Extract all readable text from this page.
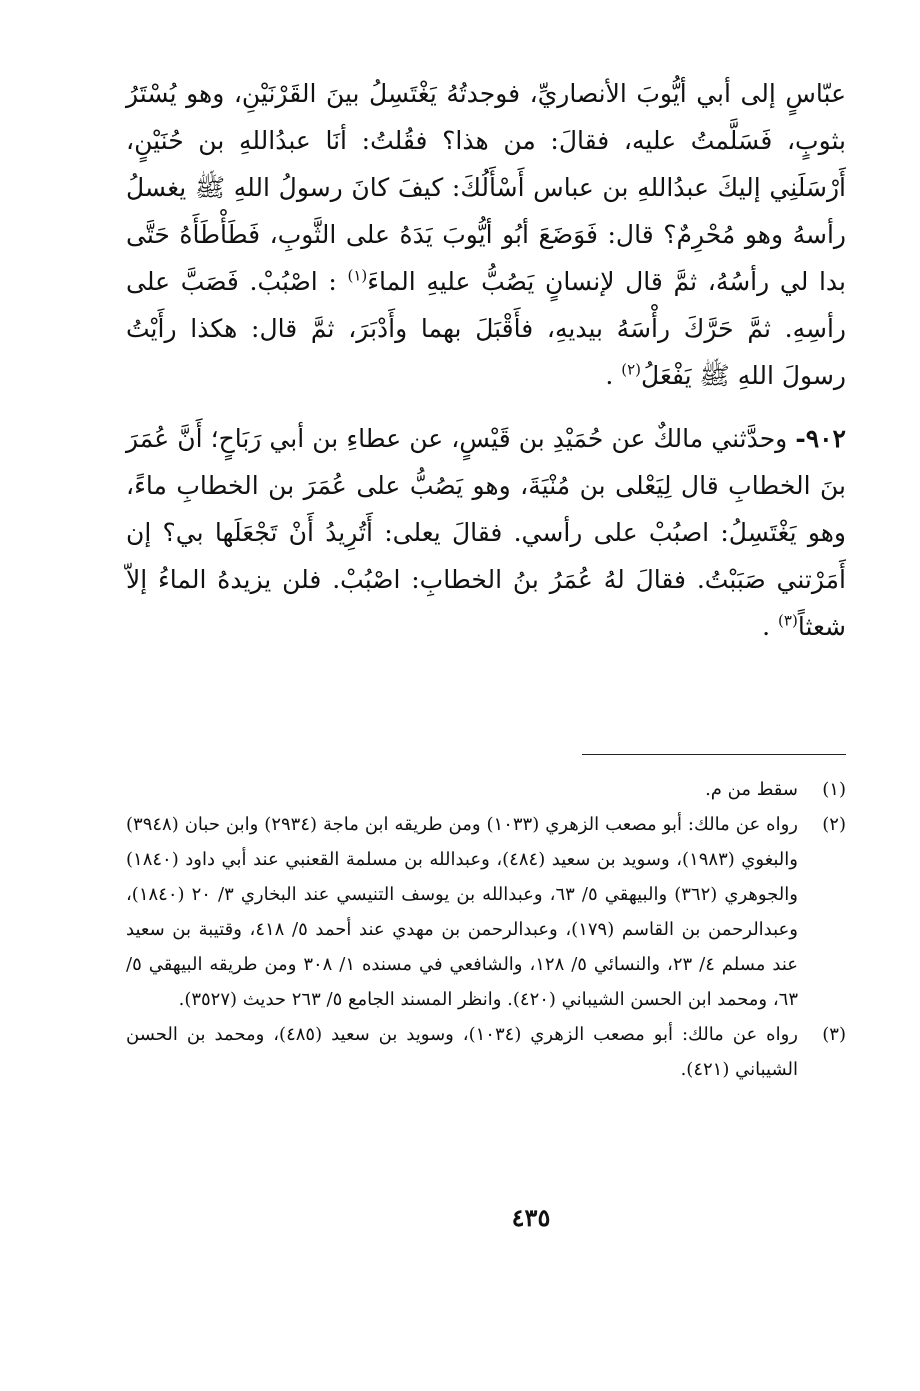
عبّاسٍ إلى أبي أيُّوبَ الأنصاريِّ، فوجدتُهُ يَغْتَسِلُ بينَ القَرْنَيْنِ، وهو يُسْتَرُ بثوبٍ، فَسَلَّمتُ عليه، فقالَ: من هذا؟ فقُلتُ: أنَا عبدُاللهِ بن حُنَيْنٍ، أَرْسَلَنِي إليكَ عبدُاللهِ بن عباس أَسْأَلُكَ: كيفَ كانَ رسولُ اللهِ ﷺ يغسلُ رأسهُ وهو مُحْرِمٌ؟ قال: فَوَضَعَ أبُو أيُّوبَ يَدَهُ على الثَّوبِ، فَطَأْطَأَهُ حَتَّى بدا لي رأسُهُ، ثمَّ قال لإنسانٍ يَصُبُّ عليهِ الماءَ$^{(١)}$ : اصْبُبْ. فَصَبَّ على رأسِهِ. ثمَّ حَرَّكَ رأْسَهُ بيديهِ، فأَقْبَلَ بهما وأَدْبَرَ، ثمَّ قال: هكذا رأَيْتُ رسولَ اللهِ ﷺ يَفْعَلُ$^{(٢)}$ .

٩٠٢- وحدَّثني مالكٌ عن حُمَيْدِ بن قَيْسٍ، عن عطاءِ بن أبي رَبَاحٍ؛ أَنَّ عُمَرَ بنَ الخطابِ قال لِيَعْلى بن مُنْيَةَ، وهو يَصُبُّ على عُمَرَ بن الخطابِ ماءً، وهو يَغْتَسِلُ: اصبُبْ على رأسي. فقالَ يعلى: أَتُرِيدُ أَنْ تَجْعَلَها بي؟ إن أَمَرْتني صَبَبْتُ. فقالَ لهُ عُمَرُ بنُ الخطابِ: اصْبُبْ. فلن يزيدهُ الماءُ إلاّ شعثاً$^{(٣)}$ .

(١)
سقط من م.
(٢)
رواه عن مالك: أبو مصعب الزهري (١٠٣٣) ومن طريقه ابن ماجة (٢٩٣٤) وابن حبان (٣٩٤٨) والبغوي (١٩٨٣)، وسويد بن سعيد (٤٨٤)، وعبدالله بن مسلمة القعنبي عند أبي داود (١٨٤٠) والجوهري (٣٦٢) والبيهقي ٥/ ٦٣، وعبدالله بن يوسف التنيسي عند البخاري ٣/ ٢٠ (١٨٤٠)، وعبدالرحمن بن القاسم (١٧٩)، وعبدالرحمن بن مهدي عند أحمد ٥/ ٤١٨، وقتيبة بن سعيد عند مسلم ٤/ ٢٣، والنسائي ٥/ ١٢٨، والشافعي في مسنده ١/ ٣٠٨ ومن طريقه البيهقي ٥/ ٦٣، ومحمد ابن الحسن الشيباني (٤٢٠). وانظر المسند الجامع ٥/ ٢٦٣ حديث (٣٥٢٧).
(٣)
رواه عن مالك: أبو مصعب الزهري (١٠٣٤)، وسويد بن سعيد (٤٨٥)، ومحمد بن الحسن الشيباني (٤٢١).
٤٣٥
